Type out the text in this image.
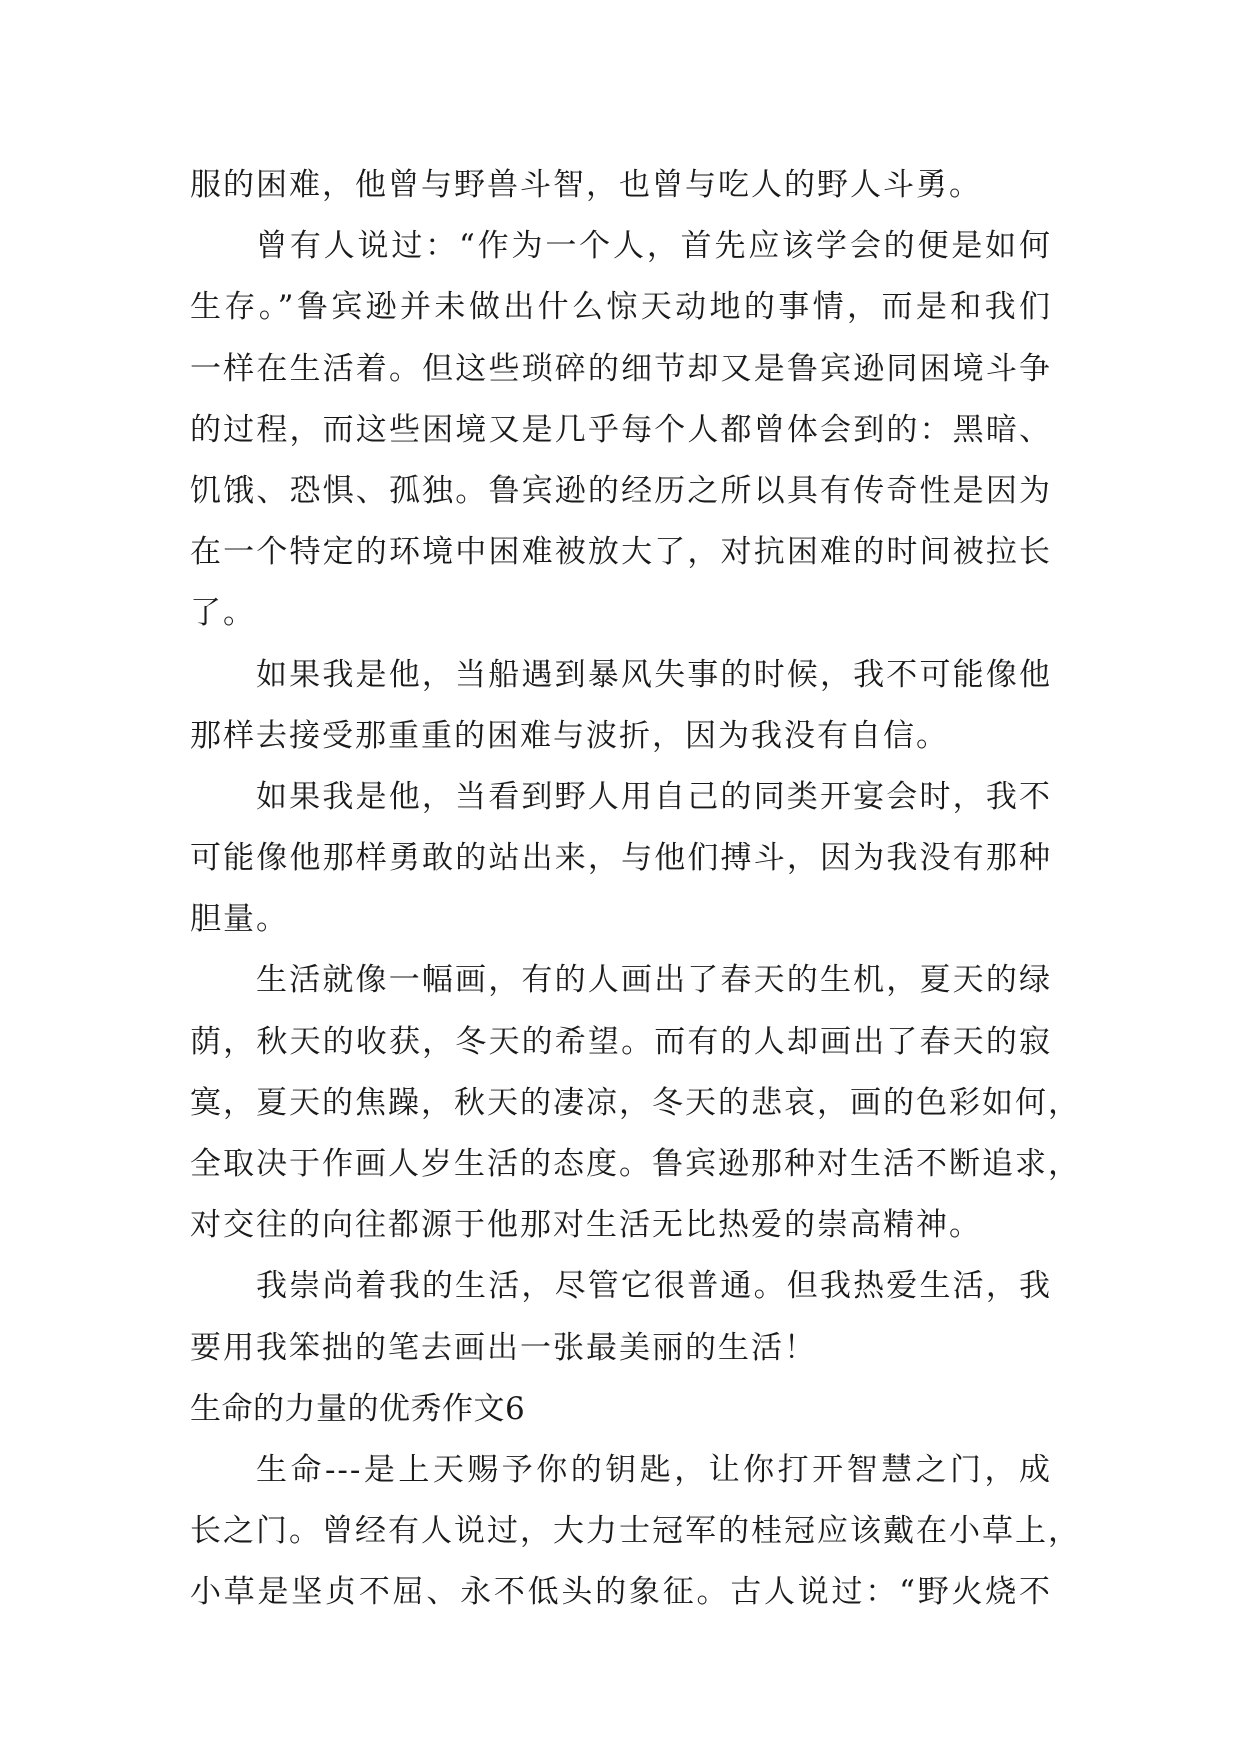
服的困难，他曾与野兽斗智，也曾与吃人的野人斗勇。
曾有人说过：“作为一个人，首先应该学会的便是如何
生存。”鲁宾逊并未做出什么惊天动地的事情，而是和我们
一样在生活着。但这些琐碎的细节却又是鲁宾逊同困境斗争
的过程，而这些困境又是几乎每个人都曾体会到的：黑暗、
饥饿、恐惧、孤独。鲁宾逊的经历之所以具有传奇性是因为
在一个特定的环境中困难被放大了，对抗困难的时间被拉长
了。
如果我是他，当船遇到暴风失事的时候，我不可能像他
那样去接受那重重的困难与波折，因为我没有自信。
如果我是他，当看到野人用自己的同类开宴会时，我不
可能像他那样勇敢的站出来，与他们搏斗，因为我没有那种
胆量。
生活就像一幅画，有的人画出了春天的生机，夏天的绿
荫，秋天的收获，冬天的希望。而有的人却画出了春天的寂
寞，夏天的焦躁，秋天的凄凉，冬天的悲哀，画的色彩如何，
全取决于作画人岁生活的态度。鲁宾逊那种对生活不断追求，
对交往的向往都源于他那对生活无比热爱的崇高精神。
我崇尚着我的生活，尽管它很普通。但我热爱生活，我
要用我笨拙的笔去画出一张最美丽的生活！
生命的力量的优秀作文6
生命---是上天赐予你的钥匙，让你打开智慧之门，成
长之门。曾经有人说过，大力士冠军的桂冠应该戴在小草上，
小草是坚贞不屈、永不低头的象征。古人说过：“野火烧不
